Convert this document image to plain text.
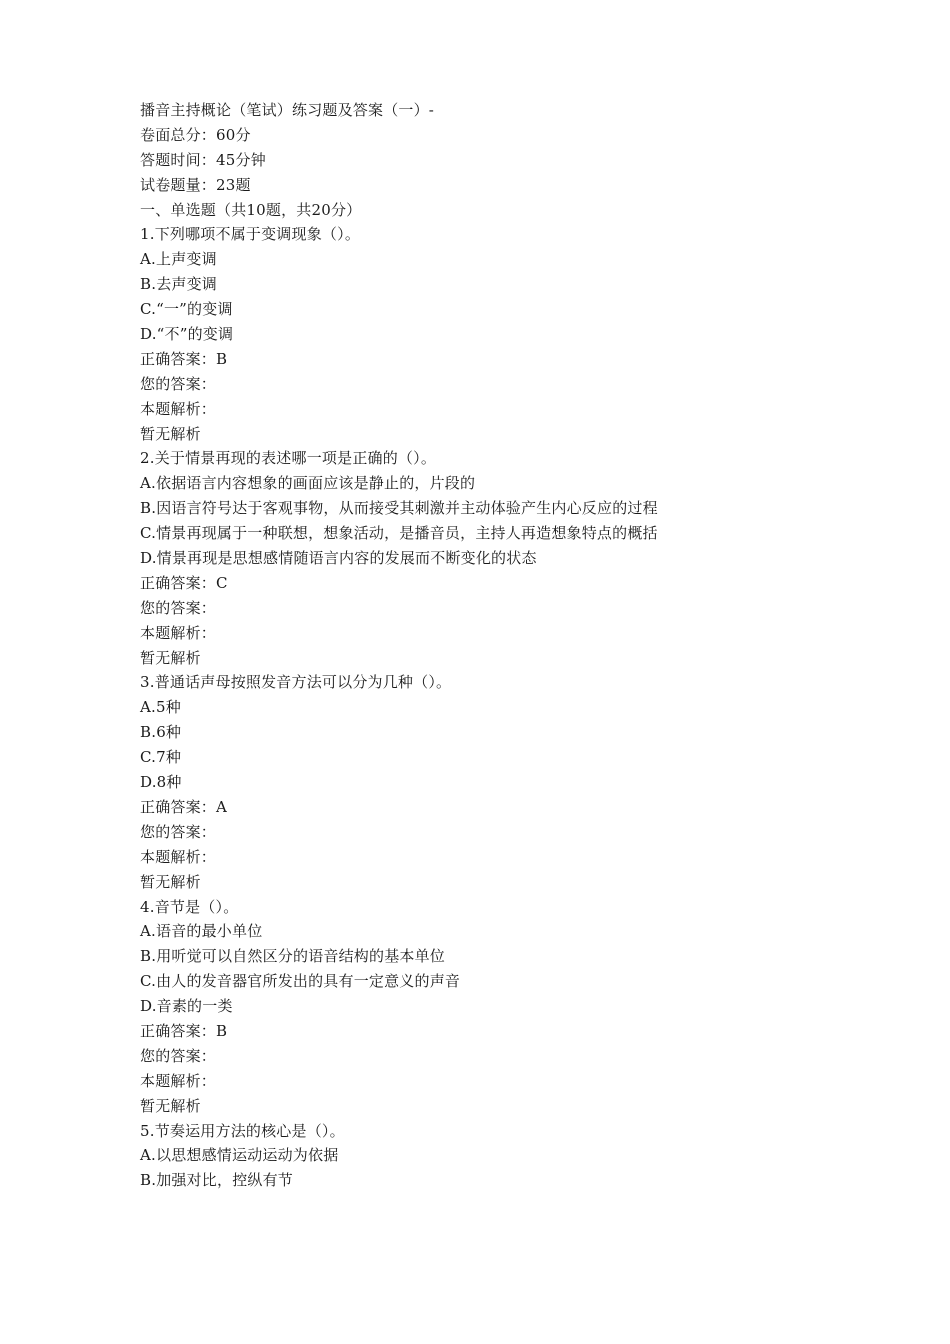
播音主持概论（笔试）练习题及答案（一）-
卷面总分：60分
答题时间：45分钟
试卷题量：23题
一、单选题（共10题，共20分）
1.下列哪项不属于变调现象（）。
A.上声变调
B.去声变调
C.“一”的变调
D.“不”的变调
正确答案：B
您的答案：
本题解析：
暂无解析
2.关于情景再现的表述哪一项是正确的（）。
A.依据语言内容想象的画面应该是静止的，片段的
B.因语言符号达于客观事物，从而接受其刺激并主动体验产生内心反应的过程
C.情景再现属于一种联想，想象活动，是播音员，主持人再造想象特点的概括
D.情景再现是思想感情随语言内容的发展而不断变化的状态
正确答案：C
您的答案：
本题解析：
暂无解析
3.普通话声母按照发音方法可以分为几种（）。
A.5种
B.6种
C.7种
D.8种
正确答案：A
您的答案：
本题解析：
暂无解析
4.音节是（）。
A.语音的最小单位
B.用听觉可以自然区分的语音结构的基本单位
C.由人的发音器官所发出的具有一定意义的声音
D.音素的一类
正确答案：B
您的答案：
本题解析：
暂无解析
5.节奏运用方法的核心是（）。
A.以思想感情运动运动为依据
B.加强对比，控纵有节
